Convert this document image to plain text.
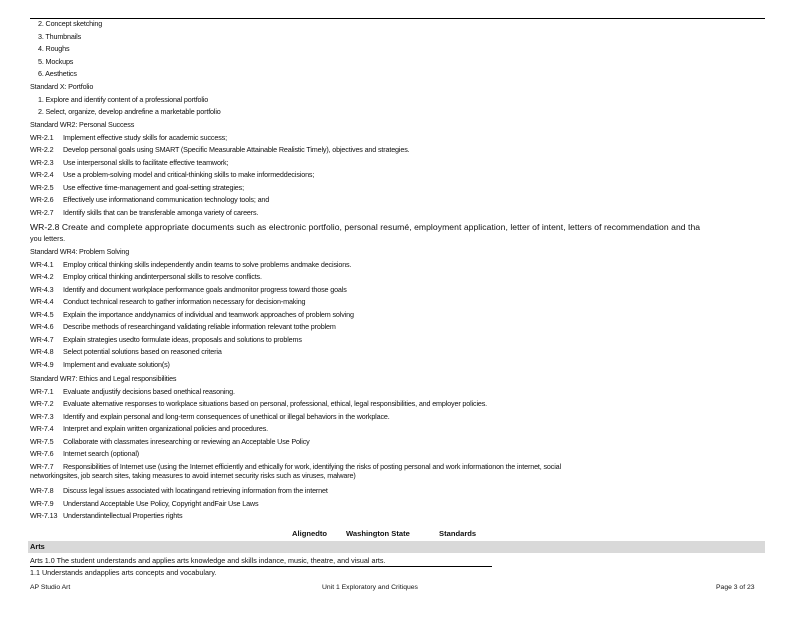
2. Concept sketching
3. Thumbnails
4. Roughs
5. Mockups
6. Aesthetics
Standard X: Portfolio
1. Explore and identify content of a professional portfolio
2. Select, organize, develop andrefine a marketable portfolio
Standard WR2: Personal Success
WR-2.1 Implement effective study skills for academic success;
WR-2.2 Develop personal goals using SMART (Specific Measurable Attainable Realistic Timely), objectives and strategies.
WR-2.3 Use interpersonal skills to facilitate effective teamwork;
WR-2.4 Use a problem-solving model and critical-thinking skills to make informeddecisions;
WR-2.5 Use effective time-management and goal-setting strategies;
WR-2.6 Effectively use informationand communication technology tools; and
WR-2.7 Identify skills that can be transferable amonga variety of careers.
WR-2.8 Create and complete appropriate documents such as electronic portfolio, personal resumé, employment application, letter of intent, letters of recommendation and tha
you letters.
Standard WR4: Problem Solving
WR-4.1 Employ critical thinking skills independently andin teams to solve problems andmake decisions.
WR-4.2 Employ critical thinking andinterpersonal skills to resolve conflicts.
WR-4.3 Identify and document workplace performance goals andmonitor progress toward those goals
WR-4.4 Conduct technical research to gather information necessary for decision-making
WR-4.5 Explain the importance anddynamics of individual and teamwork approaches of problem solving
WR-4.6 Describe methods of researchingand validating reliable information relevant tothe problem
WR-4.7 Explain strategies usedto formulate ideas, proposals and solutions to problems
WR-4.8 Select potential solutions based on reasoned criteria
WR-4.9 Implement and evaluate solution(s)
Standard WR7: Ethics and Legal responsibilities
WR-7.1 Evaluate andjustify decisions based onethical reasoning.
WR-7.2 Evaluate alternative responses to workplace situations based on personal, professional, ethical, legal responsibilities, and employer policies.
WR-7.3 Identify and explain personal and long-term consequences of unethical or illegal behaviors in the workplace.
WR-7.4 Interpret and explain written organizational policies and procedures.
WR-7.5 Collaborate with classmates inresearching or reviewing an Acceptable Use Policy
WR-7.6 Internet search (optional)
WR-7.7 Responsibilities of Internet use (using the Internet efficiently and ethically for work, identifying the risks of posting personal and work informationon the internet, social
networkingsites, job search sites, taking measures to avoid internet security risks such as viruses, malware)
WR-7.8 Discuss legal issues associated with locatingand retrieving information from the internet
WR-7.9 Understand Acceptable Use Policy, Copyright andFair Use Laws
WR-7.13 Understandintellectual Properties rights
Alignedto Washington State	Standards
Arts
Arts 1.0 The student understands and applies arts knowledge and skills indance, music, theatre, and visual arts.
1.1 Understands andapplies arts concepts and vocabulary.
AP Studio Art	Unit 1 Exploratory and Critiques	Page 3 of 23
